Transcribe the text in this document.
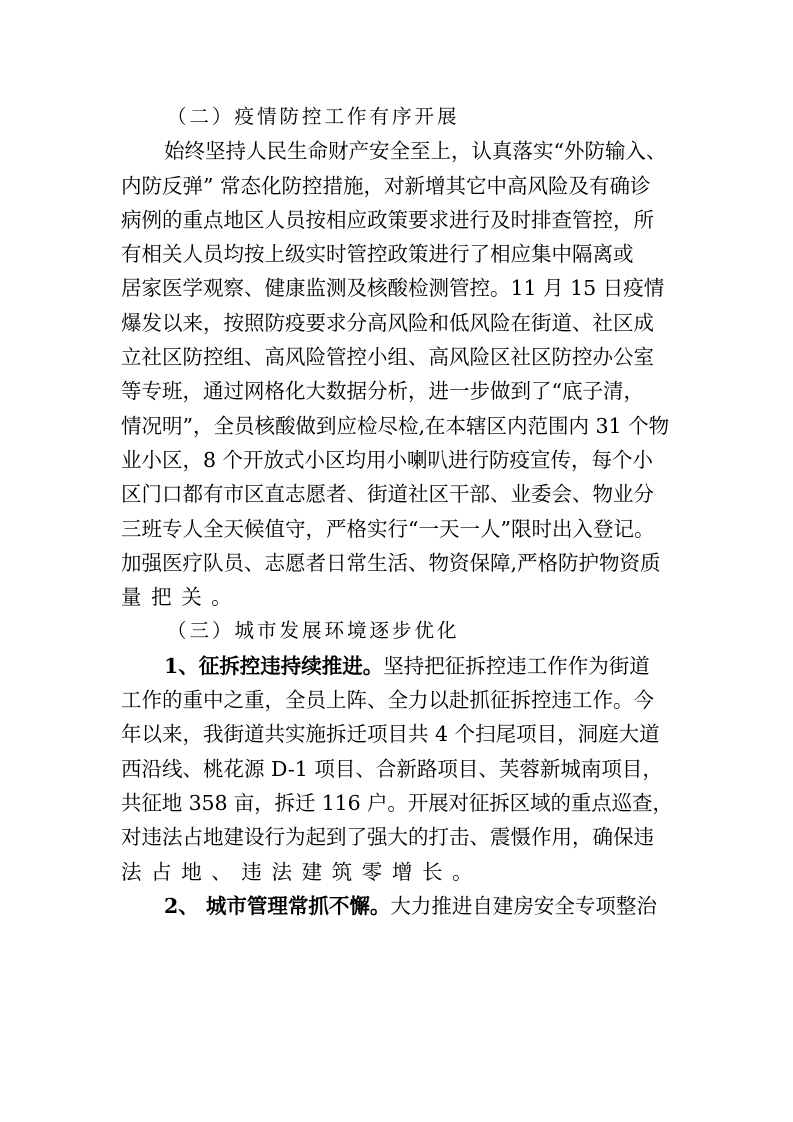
（二）疫情防控工作有序开展
始终坚持人民生命财产安全至上，认真落实“外防输入、
内防反弹” 常态化防控措施，对新增其它中高风险及有确诊
病例的重点地区人员按相应政策要求进行及时排查管控，所
有相关人员均按上级实时管控政策进行了相应集中隔离或
居家医学观察、健康监测及核酸检测管控。11 月 15 日疫情
爆发以来，按照防疫要求分高风险和低风险在街道、社区成
立社区防控组、高风险管控小组、高风险区社区防控办公室
等专班，通过网格化大数据分析，进一步做到了“底子清，
情况明”，全员核酸做到应检尽检,在本辖区内范围内 31 个物
业小区，8 个开放式小区均用小喇叭进行防疫宣传，每个小
区门口都有市区直志愿者、街道社区干部、业委会、物业分
三班专人全天候值守，严格实行“一天一人”限时出入登记。
加强医疗队员、志愿者日常生活、物资保障,严格防护物资质
量把关。
（三）城市发展环境逐步优化
1、征拆控违持续推进。坚持把征拆控违工作作为街道
工作的重中之重，全员上阵、全力以赴抓征拆控违工作。今
年以来，我街道共实施拆迁项目共 4 个扫尾项目，洞庭大道
西沿线、桃花源 D-1 项目、合新路项目、芙蓉新城南项目，
共征地 358 亩，拆迁 116 户。开展对征拆区域的重点巡查，
对违法占地建设行为起到了强大的打击、震慑作用，确保违
法占地、违法建筑零增长。
2、 城市管理常抓不懈。大力推进自建房安全专项整治
